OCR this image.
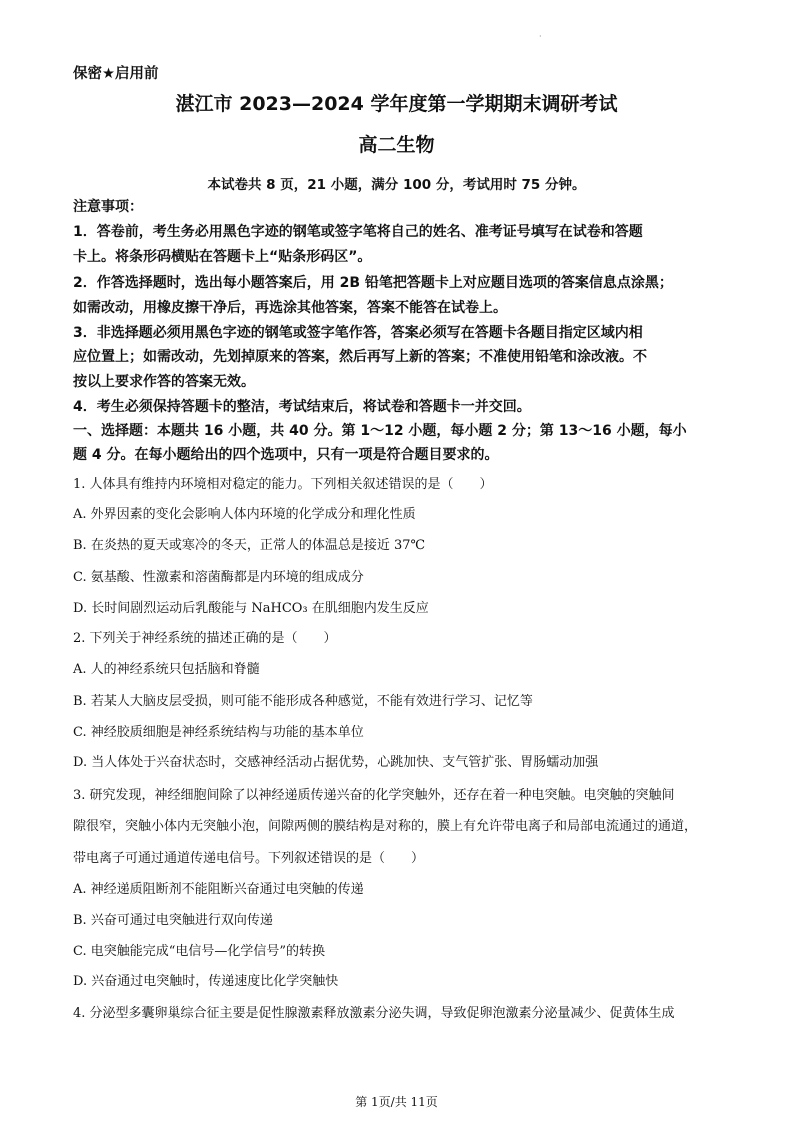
·
保密★启用前
湛江市 2023—2024 学年度第一学期期末调研考试
高二生物
本试卷共 8 页，21 小题，满分 100 分，考试用时 75 分钟。
注意事项：
1．答卷前，考生务必用黑色字迹的钢笔或签字笔将自己的姓名、准考证号填写在试卷和答题
卡上。将条形码横贴在答题卡上“贴条形码区”。
2．作答选择题时，选出每小题答案后，用 2B 铅笔把答题卡上对应题目选项的答案信息点涂黑；
如需改动，用橡皮擦干净后，再选涂其他答案，答案不能答在试卷上。
3．非选择题必须用黑色字迹的钢笔或签字笔作答，答案必须写在答题卡各题目指定区域内相
应位置上；如需改动，先划掉原来的答案，然后再写上新的答案；不准使用铅笔和涂改液。不
按以上要求作答的答案无效。
4．考生必须保持答题卡的整洁，考试结束后，将试卷和答题卡一并交回。
一、选择题：本题共 16 小题，共 40 分。第 1～12 小题，每小题 2 分；第 13～16 小题，每小
题 4 分。在每小题给出的四个选项中，只有一项是符合题目要求的。
1. 人体具有维持内环境相对稳定的能力。下列相关叙述错误的是（　　）
A. 外界因素的变化会影响人体内环境的化学成分和理化性质
B. 在炎热的夏天或寒冷的冬天，正常人的体温总是接近 37℃
C. 氨基酸、性激素和溶菌酶都是内环境的组成成分
D. 长时间剧烈运动后乳酸能与 NaHCO₃ 在肌细胞内发生反应
2. 下列关于神经系统的描述正确的是（　　）
A. 人的神经系统只包括脑和脊髓
B. 若某人大脑皮层受损，则可能不能形成各种感觉，不能有效进行学习、记忆等
C. 神经胶质细胞是神经系统结构与功能的基本单位
D. 当人体处于兴奋状态时，交感神经活动占据优势，心跳加快、支气管扩张、胃肠蠕动加强
3. 研究发现，神经细胞间除了以神经递质传递兴奋的化学突触外，还存在着一种电突触。电突触的突触间
隙很窄，突触小体内无突触小泡，间隙两侧的膜结构是对称的，膜上有允许带电离子和局部电流通过的通道，
带电离子可通过通道传递电信号。下列叙述错误的是（　　）
A. 神经递质阻断剂不能阻断兴奋通过电突触的传递
B. 兴奋可通过电突触进行双向传递
C. 电突触能完成“电信号—化学信号”的转换
D. 兴奋通过电突触时，传递速度比化学突触快
4. 分泌型多囊卵巢综合征主要是促性腺激素释放激素分泌失调，导致促卵泡激素分泌量减少、促黄体生成
第 1页/共 11页
